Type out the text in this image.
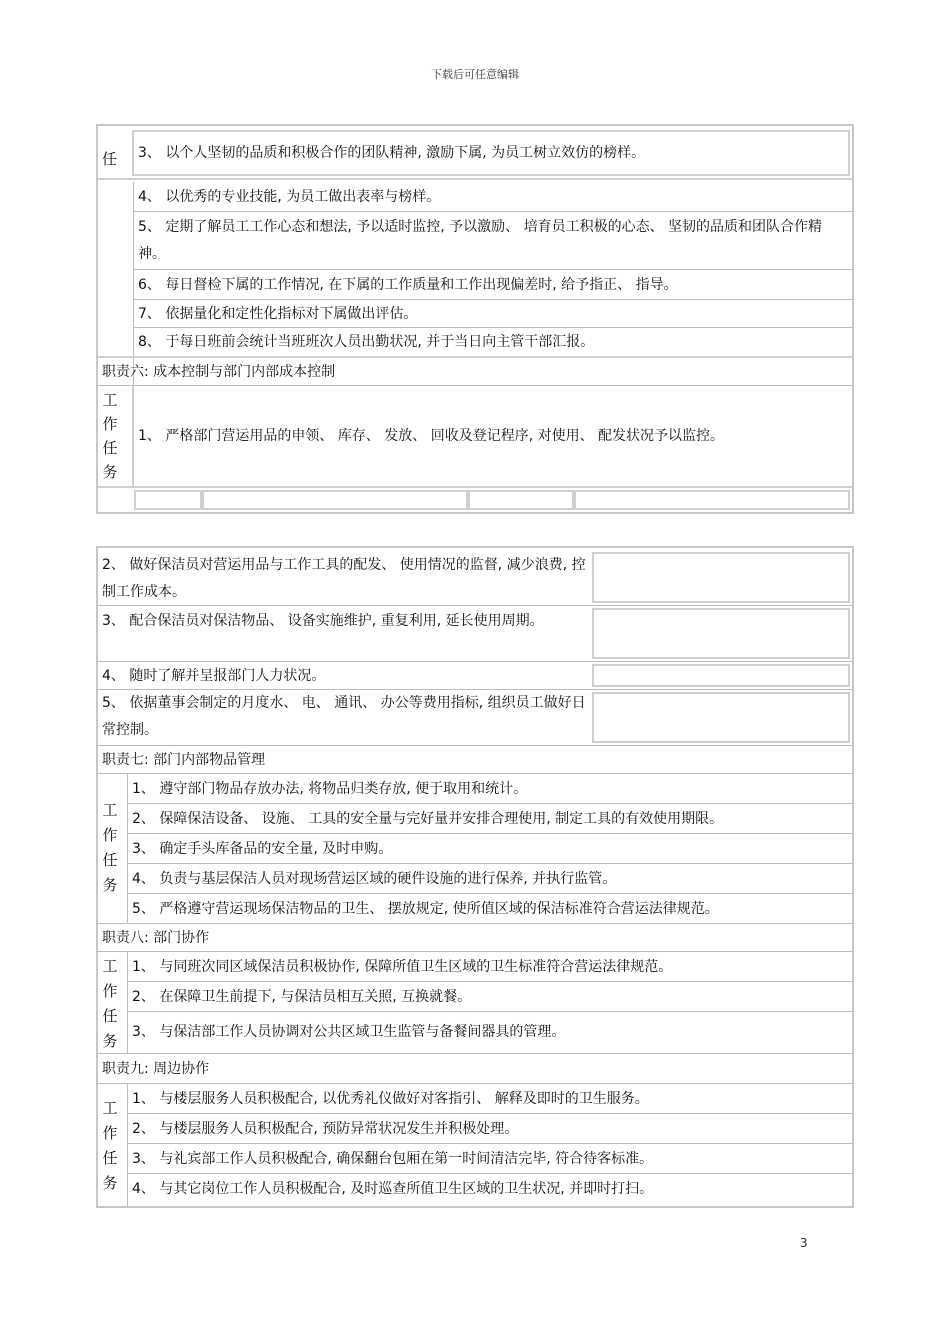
下载后可任意编辑
任	3、 以个人坚韧的品质和积极合作的团队精神, 激励下属, 为员工树立效仿的榜样。
4、 以优秀的专业技能, 为员工做出表率与榜样。
5、 定期了解员工工作心态和想法, 予以适时监控, 予以激励、 培育员工积极的心态、 坚韧的品质和团队合作精神。
6、 每日督检下属的工作情况, 在下属的工作质量和工作出现偏差时, 给予指正、 指导。
7、 依据量化和定性化指标对下属做出评估。
8、 于每日班前会统计当班班次人员出勤状况, 并于当日向主管干部汇报。
职责六: 成本控制与部门内部成本控制
工
作
任
务
1、 严格部门营运用品的申领、 库存、 发放、 回收及登记程序, 对使用、 配发状况予以监控。
2、 做好保洁员对营运用品与工作工具的配发、 使用情况的监督, 减少浪费, 控制工作成本。
3、 配合保洁员对保洁物品、 设备实施维护, 重复利用, 延长使用周期。
4、 随时了解并呈报部门人力状况。
5、 依据董事会制定的月度水、 电、 通讯、 办公等费用指标, 组织员工做好日常控制。
职责七: 部门内部物品管理
工
作
任
务
1、 遵守部门物品存放办法, 将物品归类存放, 便于取用和统计。
2、 保障保洁设备、 设施、 工具的安全量与完好量并安排合理使用, 制定工具的有效使用期限。
3、 确定手头库备品的安全量, 及时申购。
4、 负责与基层保洁人员对现场营运区域的硬件设施的进行保养, 并执行监管。
5、 严格遵守营运现场保洁物品的卫生、 摆放规定, 使所值区域的保洁标准符合营运法律规范。
职责八: 部门协作
工
作
任
务
1、 与同班次同区域保洁员积极协作, 保障所值卫生区域的卫生标准符合营运法律规范。
2、 在保障卫生前提下, 与保洁员相互关照, 互换就餐。
3、 与保洁部工作人员协调对公共区域卫生监管与备餐间器具的管理。
职责九: 周边协作
工
作
任
务
1、 与楼层服务人员积极配合, 以优秀礼仪做好对客指引、 解释及即时的卫生服务。
2、 与楼层服务人员积极配合, 预防异常状况发生并积极处理。
3、 与礼宾部工作人员积极配合, 确保翻台包厢在第一时间清洁完毕, 符合待客标准。
4、 与其它岗位工作人员积极配合, 及时巡查所值卫生区域的卫生状况, 并即时打扫。
3
